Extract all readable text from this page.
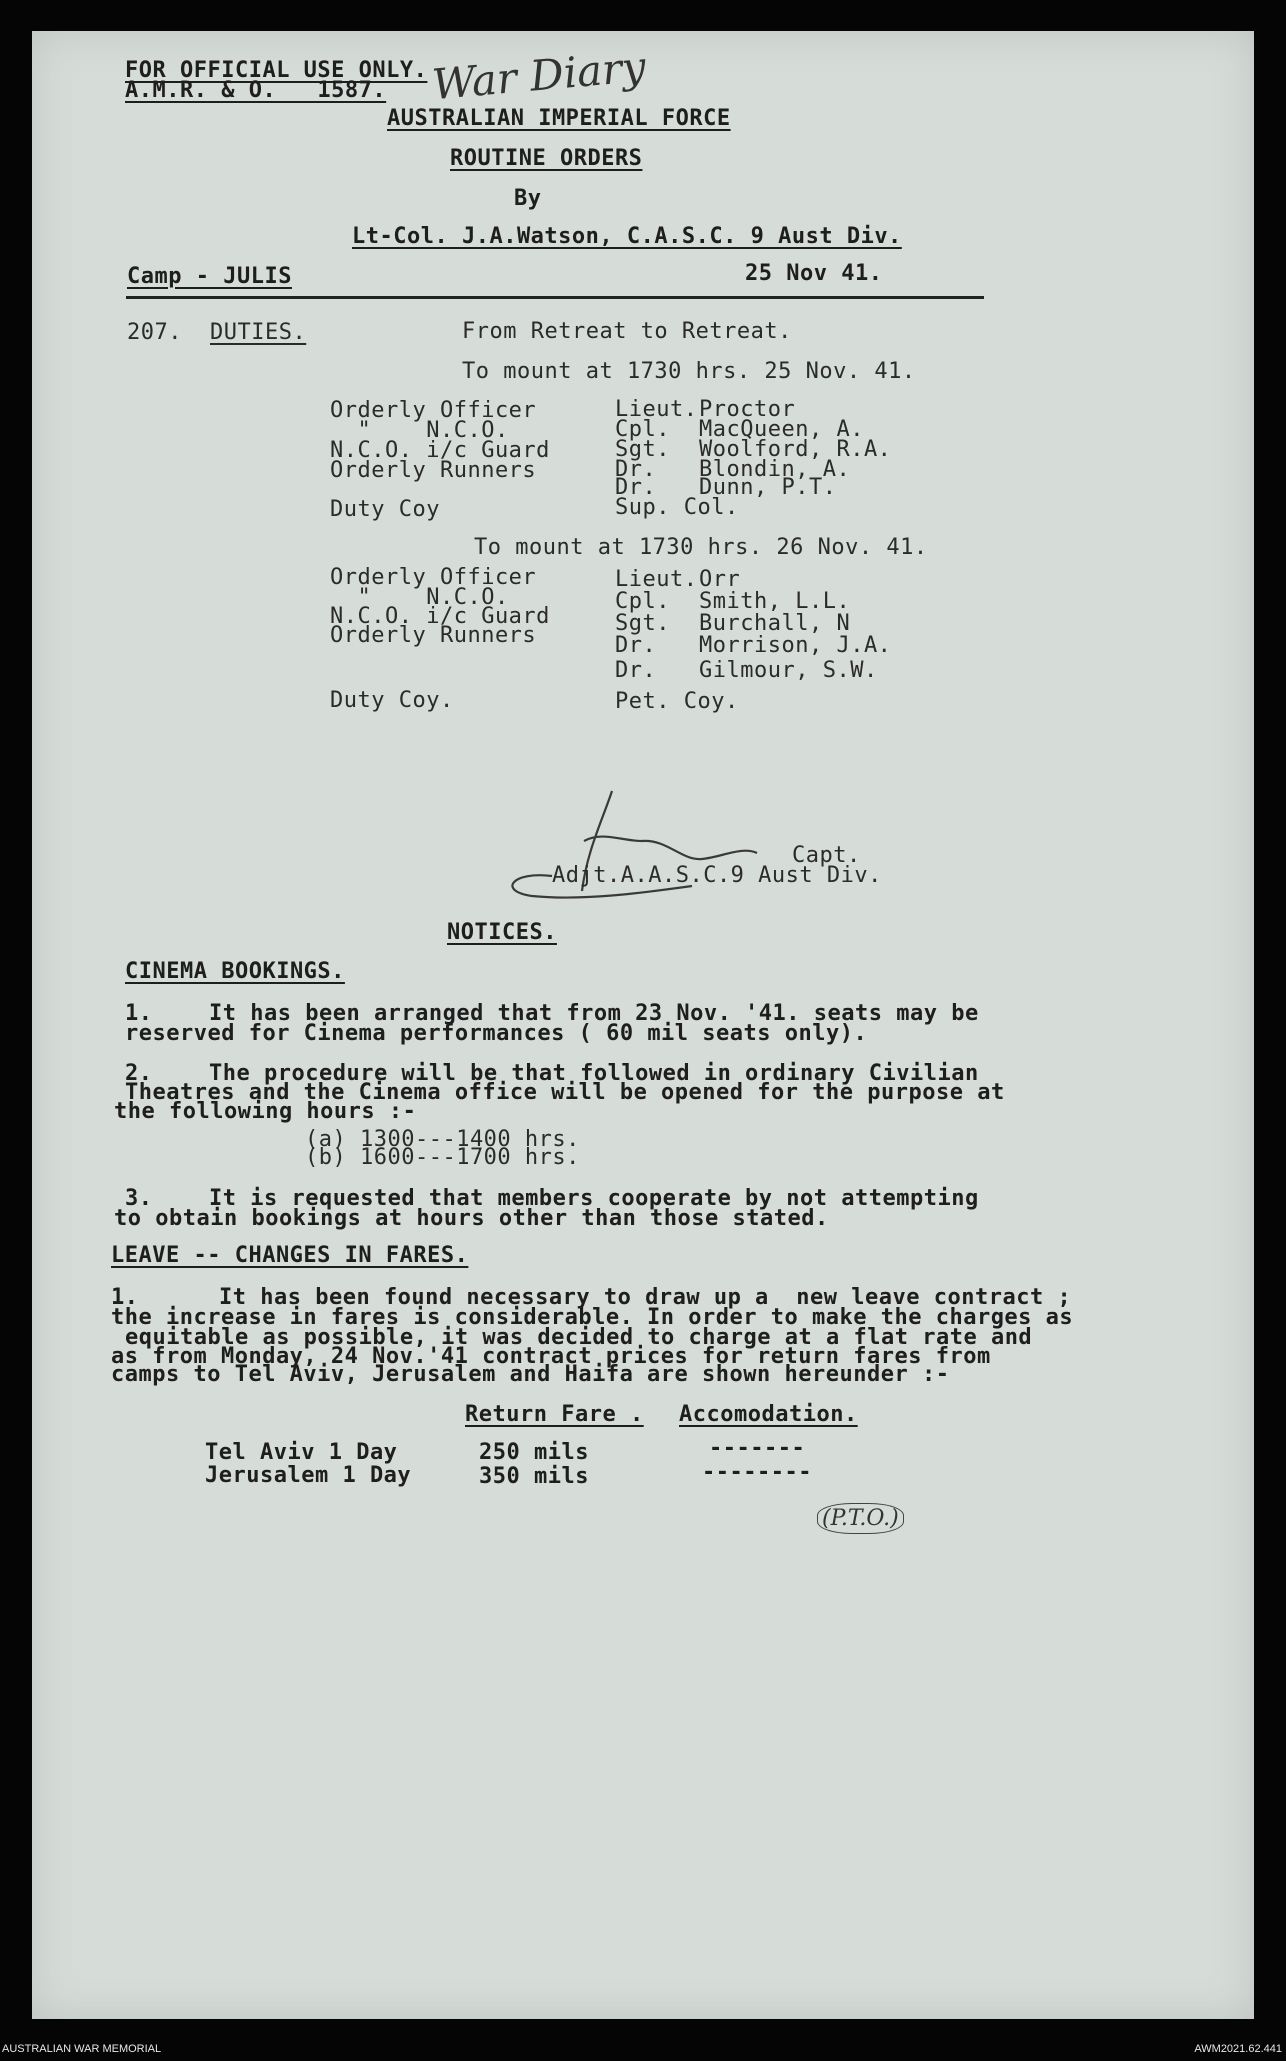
FOR OFFICIAL USE ONLY.
A.M.R. & O.   1587. War Diary
AUSTRALIAN IMPERIAL FORCE
ROUTINE ORDERS
By
Lt-Col. J.A.Watson, C.A.S.C. 9 Aust Div.
Camp - JULIS	25 Nov 41.
207. DUTIES.	From Retreat to Retreat.
To mount at 1730 hrs. 25 Nov. 41.
Orderly Officer	Lieut. Proctor
"    N.C.O.	Cpl. MacQueen, A.
N.C.O. i/c Guard	Sgt. Woolford, R.A.
Orderly Runners	Dr. Blondin, A.
Dr. Dunn, P.T.
Duty Coy	Sup. Col.
To mount at 1730 hrs. 26 Nov. 41.
Orderly Officer	Lieut. Orr
"    N.C.O.	Cpl. Smith, L.L.
N.C.O. i/c Guard	Sgt. Burchall, N
Orderly Runners	Dr. Morrison, J.A.
Dr. Gilmour, S.W.
Duty Coy.	Pet. Coy.
Capt.
Adjt.A.A.S.C.9 Aust Div.
NOTICES.
CINEMA BOOKINGS.
1.	It has been arranged that from 23 Nov. '41. seats may be
reserved for Cinema performances ( 60 mil seats only).
2.	The procedure will be that followed in ordinary Civilian
Theatres and the Cinema office will be opened for the purpose at
the following hours :-
(a) 1300---1400 hrs.
(b) 1600---1700 hrs.
3.	It is requested that members cooperate by not attempting
to obtain bookings at hours other than those stated.
LEAVE -- CHANGES IN FARES.
1.	It has been found necessary to draw up a  new leave contract ;
the increase in fares is considerable. In order to make the charges as
equitable as possible, it was decided to charge at a flat rate and
as from Monday, 24 Nov.'41 contract prices for return fares from
camps to Tel Aviv, Jerusalem and Haifa are shown hereunder :-
Return Fare . Accomodation.
Tel Aviv 1 Day	250 mils	-------
Jerusalem 1 Day	350 mils	--------
(P.T.O.)
AUSTRALIAN WAR MEMORIAL	AWM2021.62.441
